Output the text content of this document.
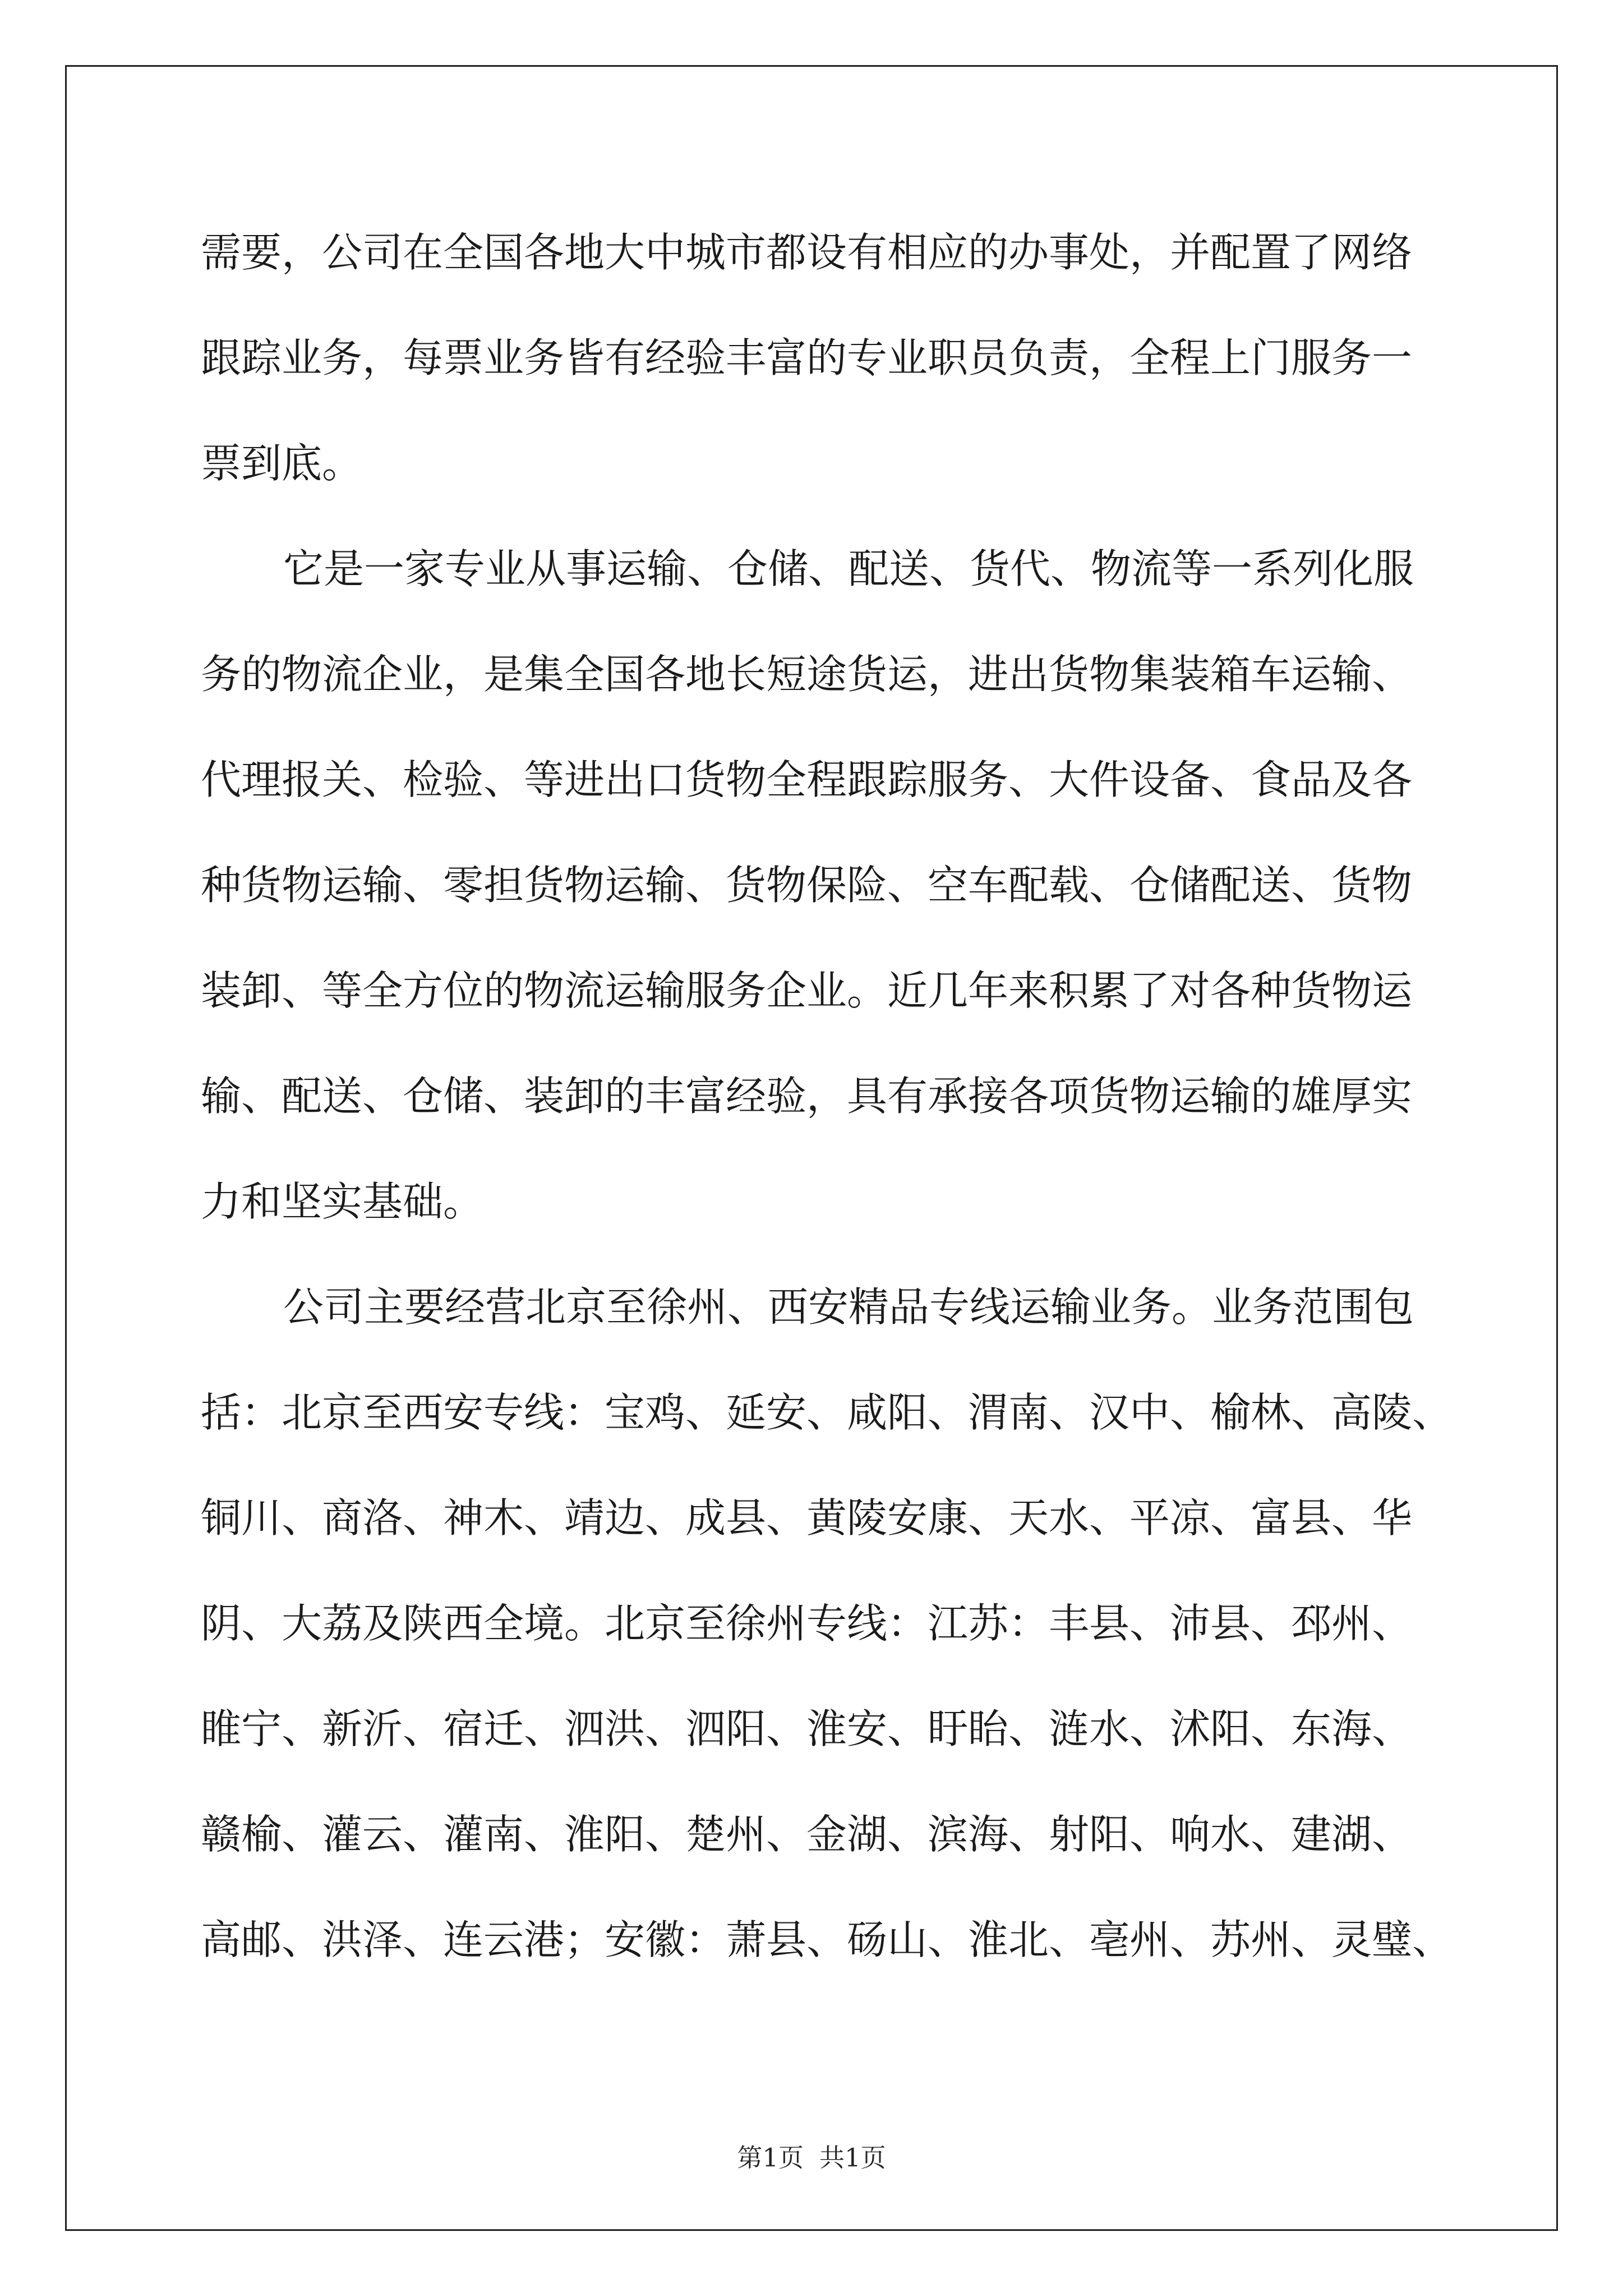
需要，公司在全国各地大中城市都设有相应的办事处，并配置了网络
跟踪业务，每票业务皆有经验丰富的专业职员负责，全程上门服务一
票到底。
它是一家专业从事运输、仓储、配送、货代、物流等一系列化服
务的物流企业，是集全国各地长短途货运，进出货物集装箱车运输、
代理报关、检验、等进出口货物全程跟踪服务、大件设备、食品及各
种货物运输、零担货物运输、货物保险、空车配载、仓储配送、货物
装卸、等全方位的物流运输服务企业。近几年来积累了对各种货物运
输、配送、仓储、装卸的丰富经验，具有承接各项货物运输的雄厚实
力和坚实基础。
公司主要经营北京至徐州、西安精品专线运输业务。业务范围包
括：北京至西安专线：宝鸡、延安、咸阳、渭南、汉中、榆林、高陵、
铜川、商洛、神木、靖边、成县、黄陵安康、天水、平凉、富县、华
阴、大荔及陕西全境。北京至徐州专线：江苏：丰县、沛县、邳州、
睢宁、新沂、宿迁、泗洪、泗阳、淮安、盱眙、涟水、沭阳、东海、
赣榆、灌云、灌南、淮阳、楚州、金湖、滨海、射阳、响水、建湖、
高邮、洪泽、连云港；安徽：萧县、砀山、淮北、亳州、苏州、灵璧、
第1页 共1页
